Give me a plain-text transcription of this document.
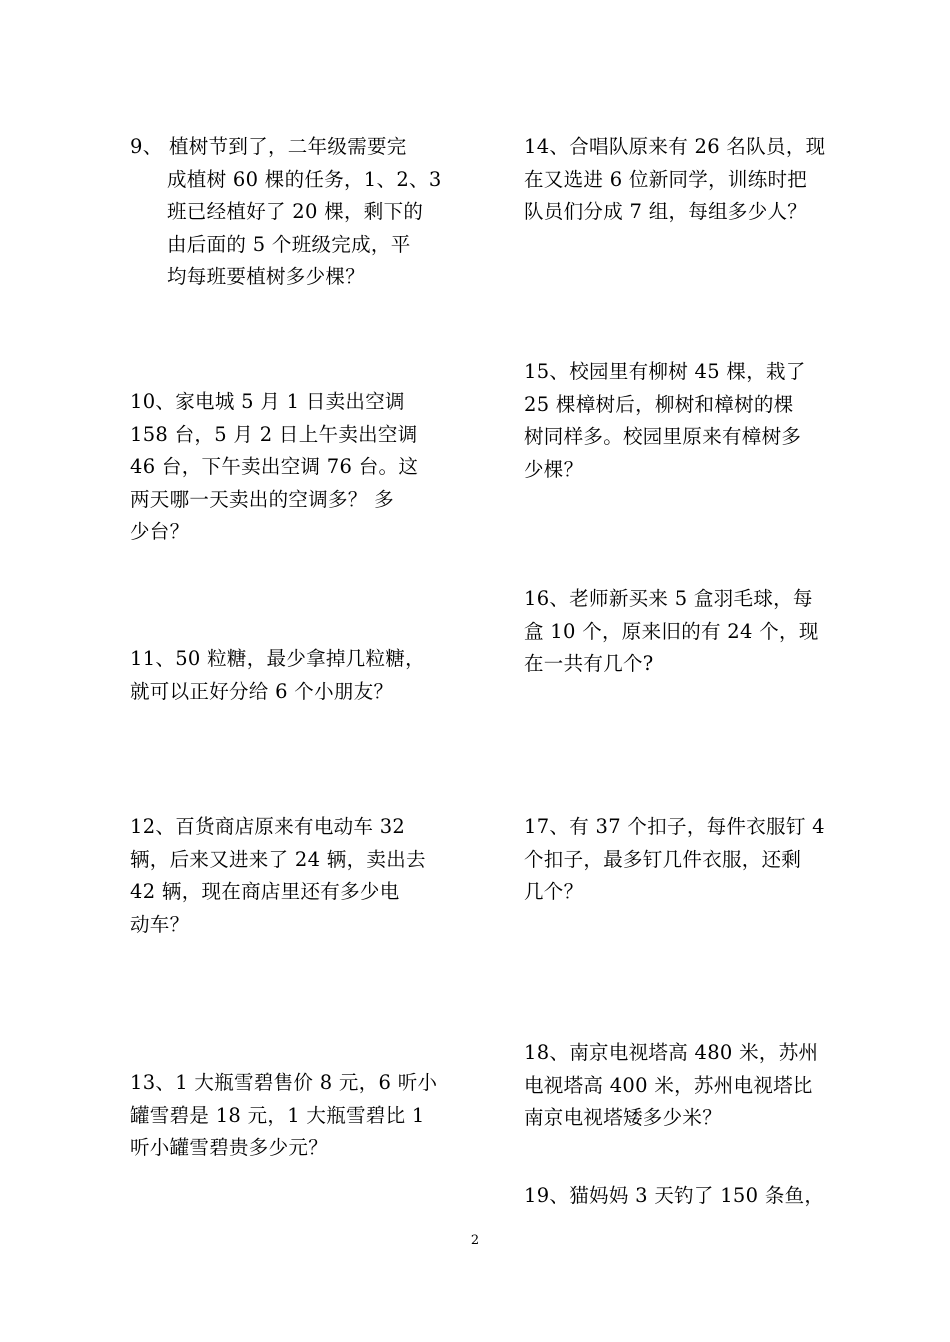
9、 植树节到了，二年级需要完
成植树 60 棵的任务，1、2、3
班已经植好了 20 棵，剩下的
由后面的 5 个班级完成，平
均每班要植树多少棵？
10、家电城 5 月 1 日卖出空调
158 台，5 月 2 日上午卖出空调
46 台，下午卖出空调 76 台。这
两天哪一天卖出的空调多？ 多
少台？
11、50 粒糖，最少拿掉几粒糖，
就可以正好分给 6 个小朋友？
12、百货商店原来有电动车 32
辆，后来又进来了 24 辆，卖出去
42 辆，现在商店里还有多少电
动车？
13、1 大瓶雪碧售价 8 元，6 听小
罐雪碧是 18 元，1 大瓶雪碧比 1
听小罐雪碧贵多少元？
14、合唱队原来有 26 名队员，现
在又选进 6 位新同学，训练时把
队员们分成 7 组，每组多少人？
15、校园里有柳树 45 棵，栽了
25 棵樟树后，柳树和樟树的棵
树同样多。校园里原来有樟树多
少棵？
16、老师新买来 5 盒羽毛球，每
盒 10 个，原来旧的有 24 个，现
在一共有几个?
17、有 37 个扣子，每件衣服钉 4
个扣子，最多钉几件衣服，还剩
几个？
18、南京电视塔高 480 米，苏州
电视塔高 400 米，苏州电视塔比
南京电视塔矮多少米？
19、猫妈妈 3 天钓了 150 条鱼，
2
